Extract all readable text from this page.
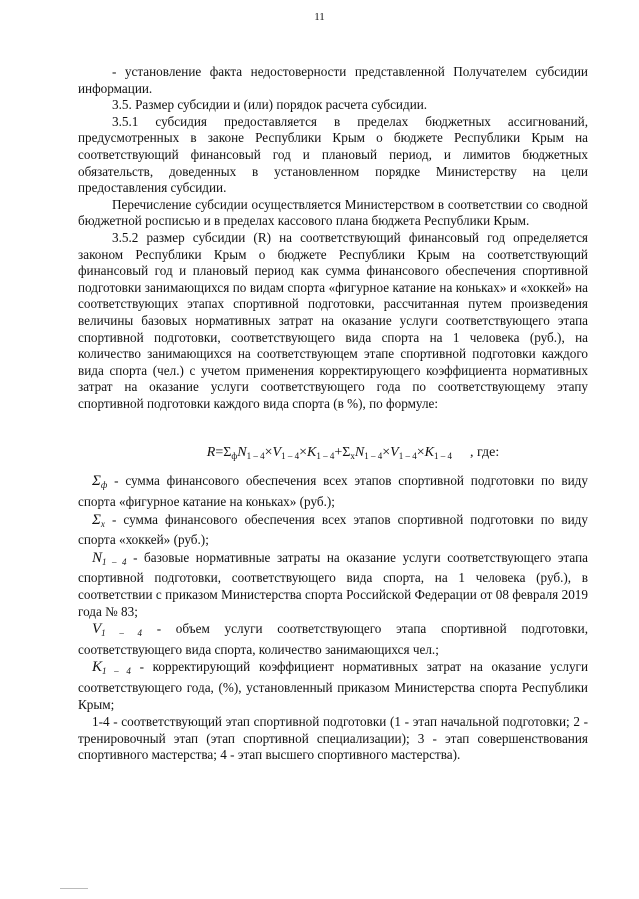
11

- установление факта недостоверности представленной Получателем субсидии информации.

3.5. Размер субсидии и (или) порядок расчета субсидии.

3.5.1 субсидия предоставляется в пределах бюджетных ассигнований, предусмотренных в законе Республики Крым о бюджете Республики Крым на соответствующий финансовый год и плановый период, и лимитов бюджетных обязательств, доведенных в установленном порядке Министерству на цели предоставления субсидии.

Перечисление субсидии осуществляется Министерством в соответствии со сводной бюджетной росписью и в пределах кассового плана бюджета Республики Крым.

3.5.2 размер субсидии (R) на соответствующий финансовый год определяется законом Республики Крым о бюджете Республики Крым на соответствующий финансовый год и плановый период как сумма финансового обеспечения спортивной подготовки занимающихся по видам спорта «фигурное катание на коньках» и «хоккей» на соответствующих этапах спортивной подготовки, рассчитанная путем произведения величины базовых нормативных затрат на оказание услуги соответствующего этапа спортивной подготовки, соответствующего вида спорта на 1 человека (руб.), на количество занимающихся на соответствующем этапе спортивной подготовки каждого вида спорта (чел.) с учетом применения корректирующего коэффициента нормативных затрат на оказание услуги соответствующего года по соответствующему этапу спортивной подготовки каждого вида спорта (в %), по формуле:

$R=\Sigma_фN_{1 - 4}\times V_{1 - 4}\times K_{1 - 4}+\Sigma_хN_{1 - 4}\times V_{1 - 4}\times K_{1 - 4}$ , где:

$\Sigma_ф$ - сумма финансового обеспечения всех этапов спортивной подготовки по виду спорта «фигурное катание на коньках» (руб.);

$\Sigma_х$ - сумма финансового обеспечения всех этапов спортивной подготовки по виду спорта «хоккей» (руб.);

$N_{1 - 4}$ - базовые нормативные затраты на оказание услуги соответствующего этапа спортивной подготовки, соответствующего вида спорта, на 1 человека (руб.), в соответствии с приказом Министерства спорта Российской Федерации от 08 февраля 2019 года № 83;

$V_{1 - 4}$ - объем услуги соответствующего этапа спортивной подготовки, соответствующего вида спорта, количество занимающихся чел.;

$K_{1 - 4}$ - корректирующий коэффициент нормативных затрат на оказание услуги соответствующего года, (%), установленный приказом Министерства спорта Республики Крым;

1-4 - соответствующий этап спортивной подготовки (1 - этап начальной подготовки; 2 - тренировочный этап (этап спортивной специализации); 3 - этап совершенствования спортивного мастерства; 4 - этап высшего спортивного мастерства).
